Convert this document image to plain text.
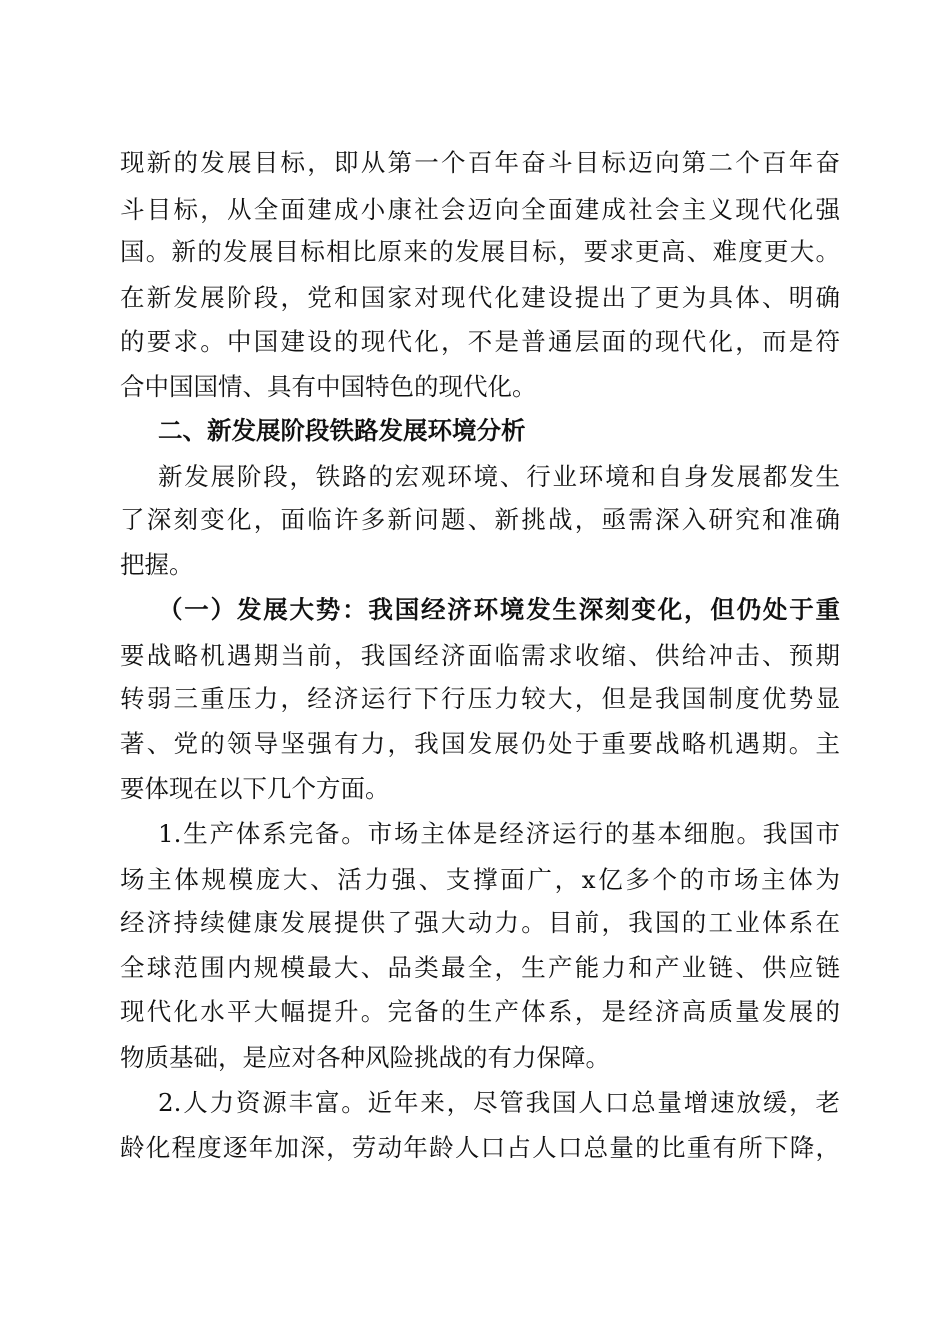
现新的发展目标，即从第一个百年奋斗目标迈向第二个百年奋

斗目标，从全面建成小康社会迈向全面建成社会主义现代化强

国。新的发展目标相比原来的发展目标，要求更高、难度更大。

在新发展阶段，党和国家对现代化建设提出了更为具体、明确

的要求。中国建设的现代化，不是普通层面的现代化，而是符

合中国国情、具有中国特色的现代化。

二、新发展阶段铁路发展环境分析

新发展阶段，铁路的宏观环境、行业环境和自身发展都发生

了深刻变化，面临许多新问题、新挑战，亟需深入研究和准确

把握。

（一）发展大势：我国经济环境发生深刻变化，但仍处于重

要战略机遇期当前，我国经济面临需求收缩、供给冲击、预期

转弱三重压力，经济运行下行压力较大，但是我国制度优势显

著、党的领导坚强有力，我国发展仍处于重要战略机遇期。主

要体现在以下几个方面。

1.生产体系完备。市场主体是经济运行的基本细胞。我国市

场主体规模庞大、活力强、支撑面广，x亿多个的市场主体为

经济持续健康发展提供了强大动力。目前，我国的工业体系在

全球范围内规模最大、品类最全，生产能力和产业链、供应链

现代化水平大幅提升。完备的生产体系，是经济高质量发展的

物质基础，是应对各种风险挑战的有力保障。

2.人力资源丰富。近年来，尽管我国人口总量增速放缓，老

龄化程度逐年加深，劳动年龄人口占人口总量的比重有所下降，
